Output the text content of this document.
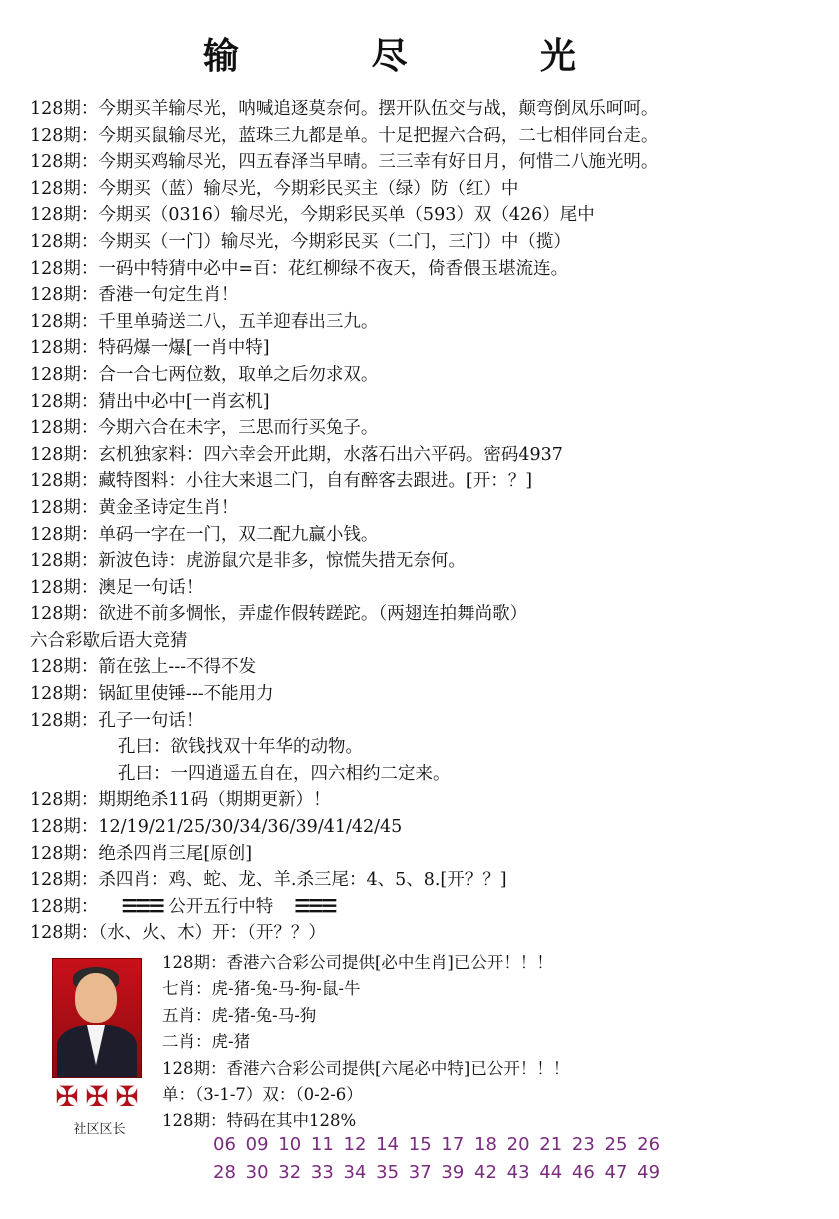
输 尽 光
128期：今期买羊输尽光，呐喊追逐莫奈何。摆开队伍交与战，颠弯倒凤乐呵呵。
128期：今期买鼠输尽光，蓝珠三九都是单。十足把握六合码，二七相伴同台走。
128期：今期买鸡输尽光，四五春泽当早晴。三三幸有好日月，何惜二八施光明。
128期：今期买（蓝）输尽光，今期彩民买主（绿）防（红）中
128期：今期买（0316）输尽光，今期彩民买单（593）双（426）尾中
128期：今期买（一门）输尽光，今期彩民买（二门，三门）中（揽）
128期：一码中特猜中必中=百：花红柳绿不夜天，倚香偎玉堪流连。
128期：香港一句定生肖！
128期：千里单骑送二八，五羊迎春出三九。
128期：特码爆一爆[一肖中特]
128期：合一合七两位数，取单之后勿求双。
128期：猜出中必中[一肖玄机]
128期：今期六合在未字，三思而行买兔子。
128期：玄机独家料：四六幸会开此期，水落石出六平码。密码4937
128期：藏特图料：小往大来退二门，自有醉客去跟进。[开：？]
128期：黄金圣诗定生肖！
128期：单码一字在一门，双二配九赢小钱。
128期：新波色诗：虎游鼠穴是非多，惊慌失措无奈何。
128期：澳足一句话！
128期：欲进不前多惆怅，弄虚作假转蹉跎。（两翅连拍舞尚歌）
六合彩歇后语大竞猜
128期：箭在弦上---不得不发
128期：锅缸里使锤---不能用力
128期：孔子一句话！
孔曰：欲钱找双十年华的动物。
孔曰：一四逍遥五自在，四六相约二定来。
128期：期期绝杀11码（期期更新）！
128期：12/19/21/25/30/34/36/39/41/42/45
128期：绝杀四肖三尾[原创]
128期：杀四肖：鸡、蛇、龙、羊.杀三尾：4、5、8.[开？？]
128期： ☰☰☰ 公开五行中特 ☰☰☰
128期：（水、火、木）开：（开？？）
✠ ✠ ✠
社区区长
128期：香港六合彩公司提供[必中生肖]已公开！！！
七肖：虎-猪-兔-马-狗-鼠-牛
五肖：虎-猪-兔-马-狗
二肖：虎-猪
128期：香港六合彩公司提供[六尾必中特]已公开！！！
单：（3-1-7）双：（0-2-6）
128期：特码在其中128%
06 09 10 11 12 14 15 17 18 20 21 23 25 26
28 30 32 33 34 35 37 39 42 43 44 46 47 49
